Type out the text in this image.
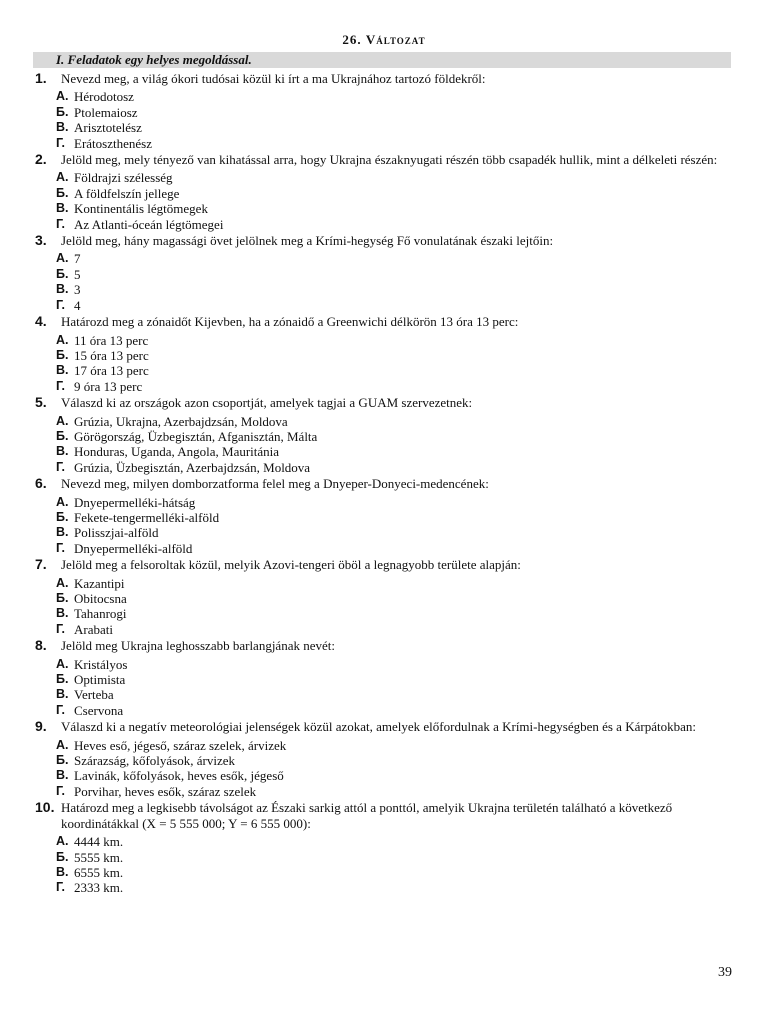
26. Változat
I. Feladatok egy helyes megoldással.
1. Nevezd meg, a világ ókori tudósai közül ki írt a ma Ukrajnához tartozó földekről:
А. Hérodotosz
Б. Ptolemaiosz
В. Arisztotelész
Г. Erátoszthenész
2. Jelöld meg, mely tényező van kihatással arra, hogy Ukrajna északnyugati részén több csapadék hullik, mint a délkeleti részén:
А. Földrajzi szélesség
Б. A földfelszín jellege
В. Kontinentális légtömegek
Г. Az Atlanti-óceán légtömegei
3. Jelöld meg, hány magassági övet jelölnek meg a Krími-hegység Fő vonulatának északi lejtőin:
А. 7
Б. 5
В. 3
Г. 4
4. Határozd meg a zónaidőt Kijevben, ha a zónaidő a Greenwichi délkörön 13 óra 13 perc:
А. 11 óra 13 perc
Б. 15 óra 13 perc
В. 17 óra 13 perc
Г. 9 óra 13 perc
5. Válaszd ki az országok azon csoportját, amelyek tagjai a GUAM szervezetnek:
А. Grúzia, Ukrajna, Azerbajdzsán, Moldova
Б. Görögország, Üzbegisztán, Afganisztán, Málta
В. Honduras, Uganda, Angola, Mauritánia
Г. Grúzia, Üzbegisztán, Azerbajdzsán, Moldova
6. Nevezd meg, milyen domborzatforma felel meg a Dnyeper-Donyeci-medencének:
А. Dnyepermelléki-hátság
Б. Fekete-tengermelléki-alföld
В. Polisszjai-alföld
Г. Dnyepermelléki-alföld
7. Jelöld meg a felsoroltak közül, melyik Azovi-tengeri öböl a legnagyobb területe alapján:
А. Kazantipi
Б. Obitocsna
В. Tahanrogi
Г. Arabati
8. Jelöld meg Ukrajna leghosszabb barlangjának nevét:
А. Kristályos
Б. Optimista
В. Verteba
Г. Cservona
9. Válaszd ki a negatív meteorológiai jelenségek közül azokat, amelyek előfordulnak a Krími-hegységben és a Kárpátokban:
А. Heves eső, jégeső, száraz szelek, árvizek
Б. Szárazság, kőfolyások, árvizek
В. Lavinák, kőfolyások, heves esők, jégeső
Г. Porvihar, heves esők, száraz szelek
10. Határozd meg a legkisebb távolságot az Északi sarkig attól a ponttól, amelyik Ukrajna területén található a következő koordinátákkal (X = 5 555 000; Y = 6 555 000):
А. 4444 km.
Б. 5555 km.
В. 6555 km.
Г. 2333 km.
39
